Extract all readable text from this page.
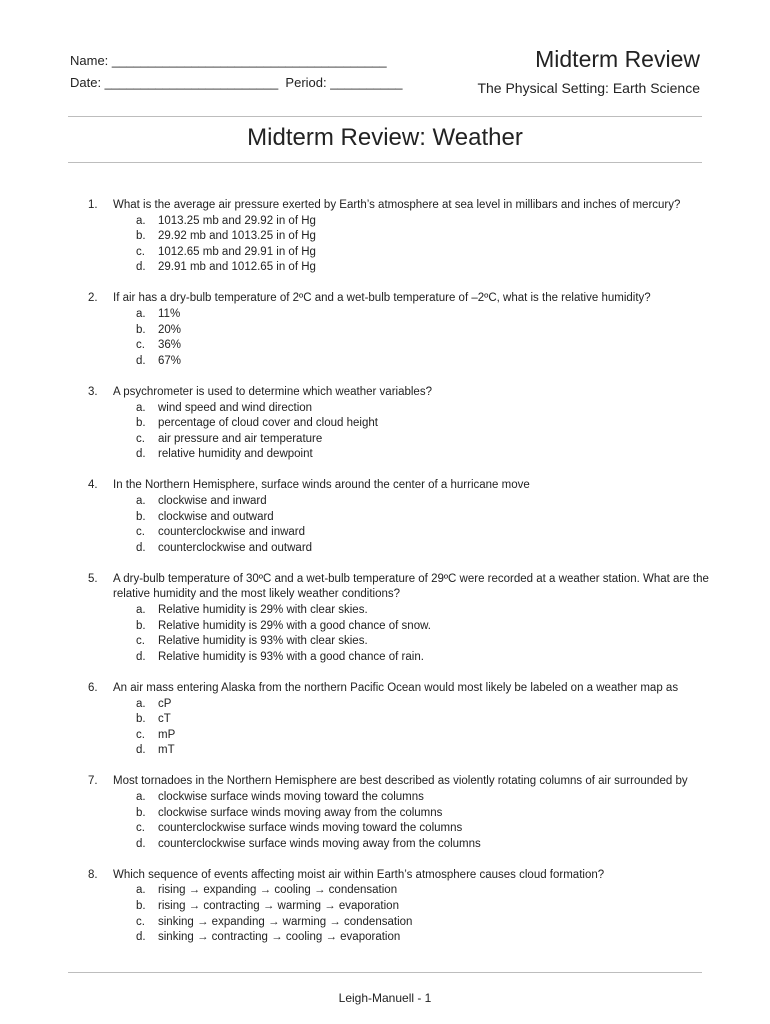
Name: ______________________________________
Date: ________________________  Period: __________
Midterm Review
The Physical Setting: Earth Science
Midterm Review: Weather
1.	What is the average air pressure exerted by Earth’s atmosphere at sea level in millibars and inches of mercury?
a.	1013.25 mb and 29.92 in of Hg
b.	29.92 mb and 1013.25 in of Hg
c.	1012.65 mb and 29.91 in of Hg
d.	29.91 mb and 1012.65 in of Hg
2.	If air has a dry-bulb temperature of 2ºC and a wet-bulb temperature of –2ºC, what is the relative humidity?
a.	11%
b.	20%
c.	36%
d.	67%
3.	A psychrometer is used to determine which weather variables?
a.	wind speed and wind direction
b.	percentage of cloud cover and cloud height
c.	air pressure and air temperature
d.	relative humidity and dewpoint
4.	In the Northern Hemisphere, surface winds around the center of a hurricane move
a.	clockwise and inward
b.	clockwise and outward
c.	counterclockwise and inward
d.	counterclockwise and outward
5.	A dry-bulb temperature of 30ºC and a wet-bulb temperature of 29ºC were recorded at a weather station. What are the relative humidity and the most likely weather conditions?
a.	Relative humidity is 29% with clear skies.
b.	Relative humidity is 29% with a good chance of snow.
c.	Relative humidity is 93% with clear skies.
d.	Relative humidity is 93% with a good chance of rain.
6.	An air mass entering Alaska from the northern Pacific Ocean would most likely be labeled on a weather map as
a.	cP
b.	cT
c.	mP
d.	mT
7.	Most tornadoes in the Northern Hemisphere are best described as violently rotating columns of air surrounded by
a.	clockwise surface winds moving toward the columns
b.	clockwise surface winds moving away from the columns
c.	counterclockwise surface winds moving toward the columns
d.	counterclockwise surface winds moving away from the columns
8.	Which sequence of events affecting moist air within Earth’s atmosphere causes cloud formation?
a.	rising → expanding → cooling → condensation
b.	rising → contracting → warming → evaporation
c.	sinking → expanding → warming → condensation
d.	sinking → contracting → cooling → evaporation
Leigh-Manuell - 1
